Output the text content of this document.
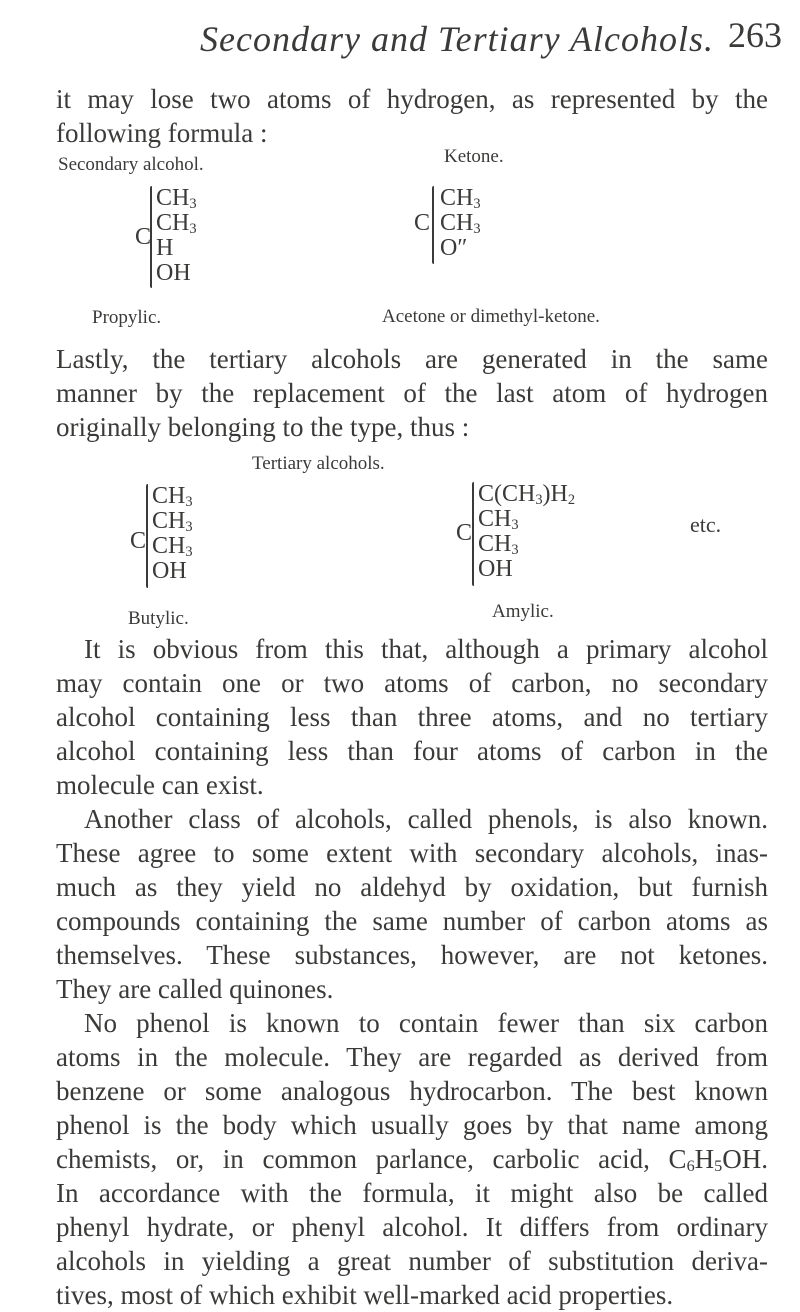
Secondary and Tertiary Alcohols. 263
it may lose two atoms of hydrogen, as represented by the
following formula :
Secondary alcohol.	Ketone.
C
$CH_3$
$CH_3$
H
OH
Propylic.
C
$CH_3$
$CH_3$
O″
Acetone or dimethyl-ketone.
Lastly, the tertiary alcohols are generated in the same
manner by the replacement of the last atom of hydrogen
originally belonging to the type, thus :
Tertiary alcohols.
C
$CH_3$
$CH_3$
$CH_3$
OH
Butylic.
C
$C(CH_3)H_2$
$CH_3$
$CH_3$
OH
etc.
Amylic.
It is obvious from this that, although a primary alcohol
may contain one or two atoms of carbon, no secondary
alcohol containing less than three atoms, and no tertiary
alcohol containing less than four atoms of carbon in the
molecule can exist.
Another class of alcohols, called phenols, is also known.
These agree to some extent with secondary alcohols, inas-
much as they yield no aldehyd by oxidation, but furnish
compounds containing the same number of carbon atoms as
themselves. These substances, however, are not ketones.
They are called quinones.
No phenol is known to contain fewer than six carbon
atoms in the molecule. They are regarded as derived from
benzene or some analogous hydrocarbon. The best known
phenol is the body which usually goes by that name among
chemists, or, in common parlance, carbolic acid, $C_6H_5OH$.
In accordance with the formula, it might also be called
phenyl hydrate, or phenyl alcohol. It differs from ordinary
alcohols in yielding a great number of substitution deriva-
tives, most of which exhibit well-marked acid properties.
